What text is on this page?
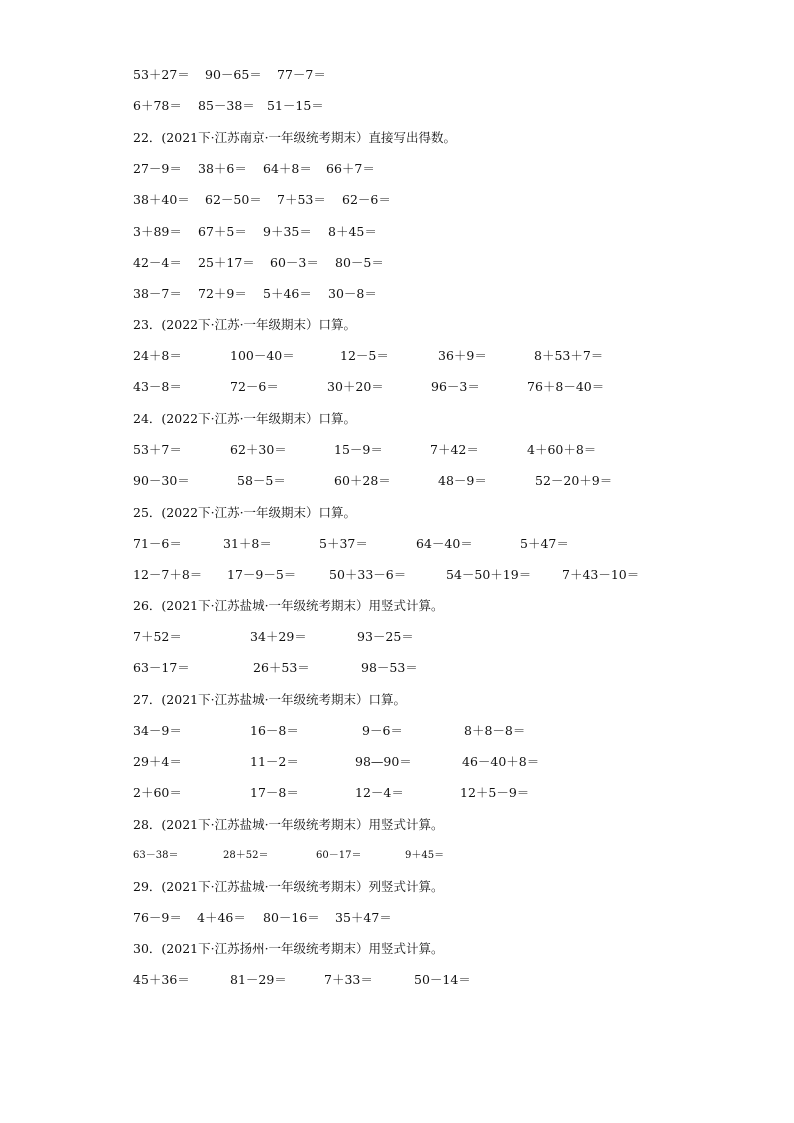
53＋27＝ 90－65＝ 77－7＝
6＋78＝ 85－38＝ 51－15＝
22．(2021下·江苏南京·一年级统考期末）直接写出得数。
27－9＝ 38＋6＝ 64＋8＝ 66＋7＝
38＋40＝ 62－50＝ 7＋53＝ 62－6＝
3＋89＝ 67＋5＝ 9＋35＝ 8＋45＝
42－4＝ 25＋17＝ 60－3＝ 80－5＝
38－7＝ 72＋9＝ 5＋46＝ 30－8＝
23．(2022下·江苏·一年级期末）口算。
24＋8＝	100－40＝	12－5＝	36＋9＝	8＋53＋7＝
43－8＝	72－6＝	30＋20＝	96－3＝	76＋8－40＝
24．(2022下·江苏·一年级期末）口算。
53＋7＝	62＋30＝	15－9＝	7＋42＝	4＋60＋8＝
90－30＝	58－5＝	60＋28＝	48－9＝	52－20＋9＝
25．(2022下·江苏·一年级期末）口算。
71－6＝	31＋8＝	5＋37＝	64－40＝	5＋47＝
12－7＋8＝ 17－9－5＝	50＋33－6＝	54－50＋19＝ 7＋43－10＝
26．(2021下·江苏盐城·一年级统考期末）用竖式计算。
7＋52＝	34＋29＝	93－25＝
63－17＝	26＋53＝	98－53＝
27．(2021下·江苏盐城·一年级统考期末）口算。
34－9＝	16－8＝	9－6＝	8＋8－8＝
29＋4＝	11－2＝	98—90＝	46－40＋8＝
2＋60＝	17－8＝	12－4＝	12＋5－9＝
28．(2021下·江苏盐城·一年级统考期末）用竖式计算。
63－38＝	28＋52＝	60－17＝	9＋45＝
29．(2021下·江苏盐城·一年级统考期末）列竖式计算。
76－9＝ 4＋46＝ 80－16＝ 35＋47＝
30．(2021下·江苏扬州·一年级统考期末）用竖式计算。
45＋36＝	81－29＝	7＋33＝	50－14＝
